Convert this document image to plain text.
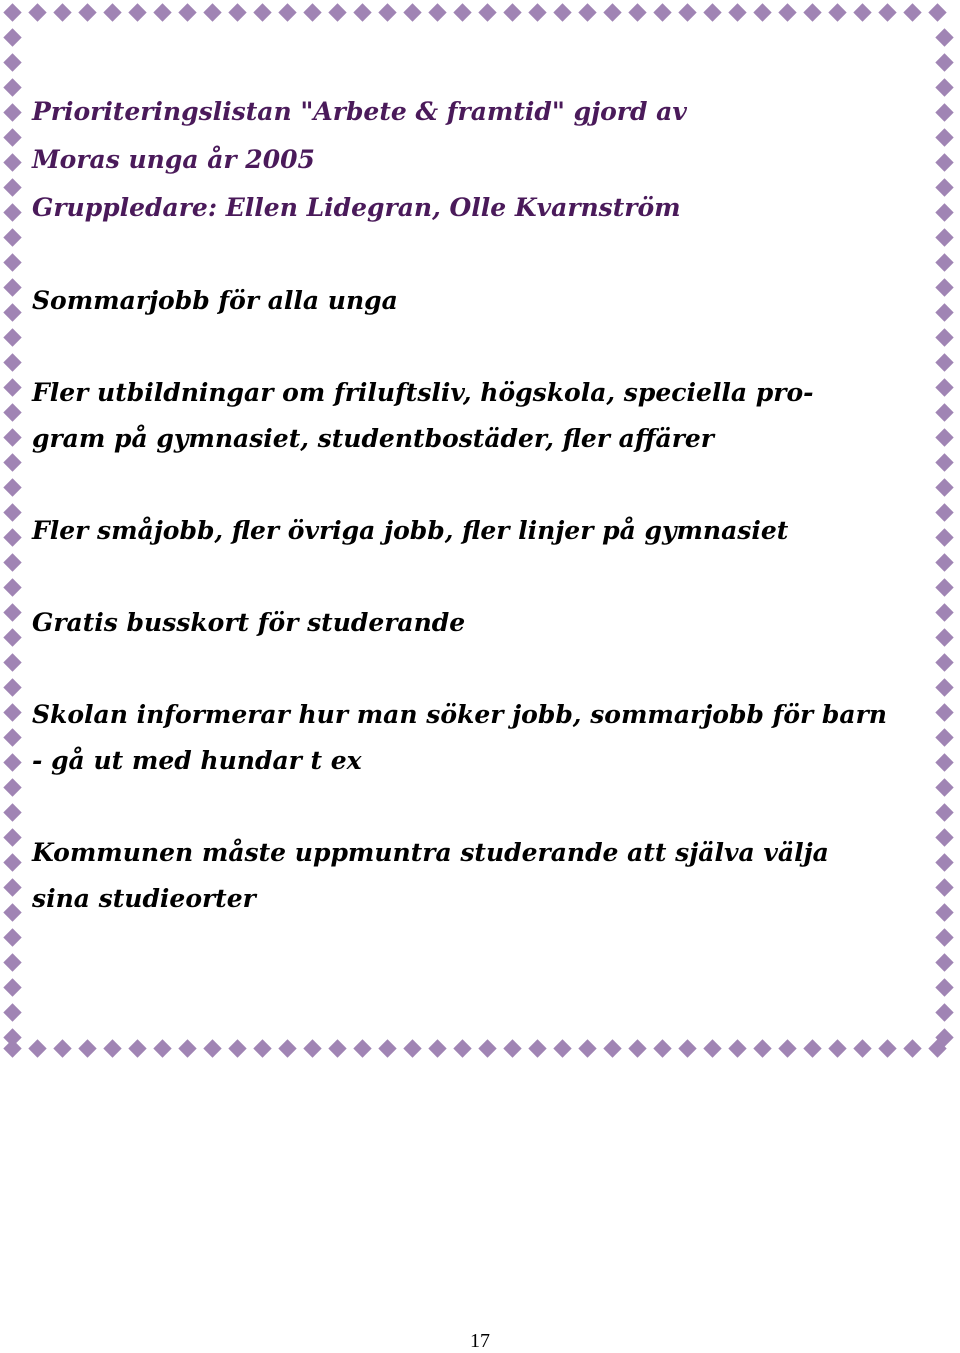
Prioriteringslistan "Arbete & framtid" gjord av

Moras unga år 2005

Gruppledare: Ellen Lidegran, Olle Kvarnström

Sommarjobb för alla unga

Fler utbildningar om friluftsliv, högskola, speciella pro-

gram på gymnasiet, studentbostäder, fler affärer

Fler småjobb, fler övriga jobb, fler linjer på gymnasiet

Gratis busskort för studerande

Skolan informerar hur man söker jobb, sommarjobb för barn

- gå ut med hundar t ex

Kommunen måste uppmuntra studerande att själva välja

sina studieorter

17
